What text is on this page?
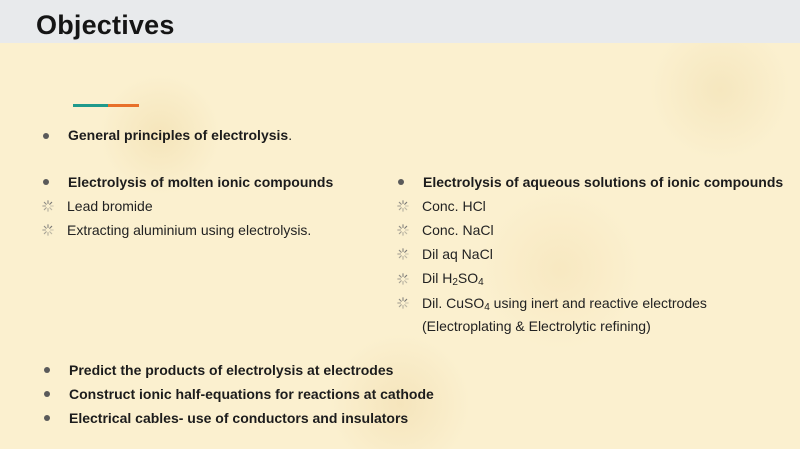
Objectives
General principles of electrolysis.
Electrolysis of molten ionic compounds
Lead bromide
Extracting aluminium using electrolysis.
Electrolysis of aqueous solutions of ionic compounds
Conc. HCl
Conc. NaCl
Dil aq NaCl
Dil $H_2SO_4$
Dil. CuSO$_4$ using inert and reactive electrodes
(Electroplating & Electrolytic refining)
Predict the products of electrolysis at electrodes
Construct ionic half-equations for reactions at cathode
Electrical cables- use of conductors and insulators
